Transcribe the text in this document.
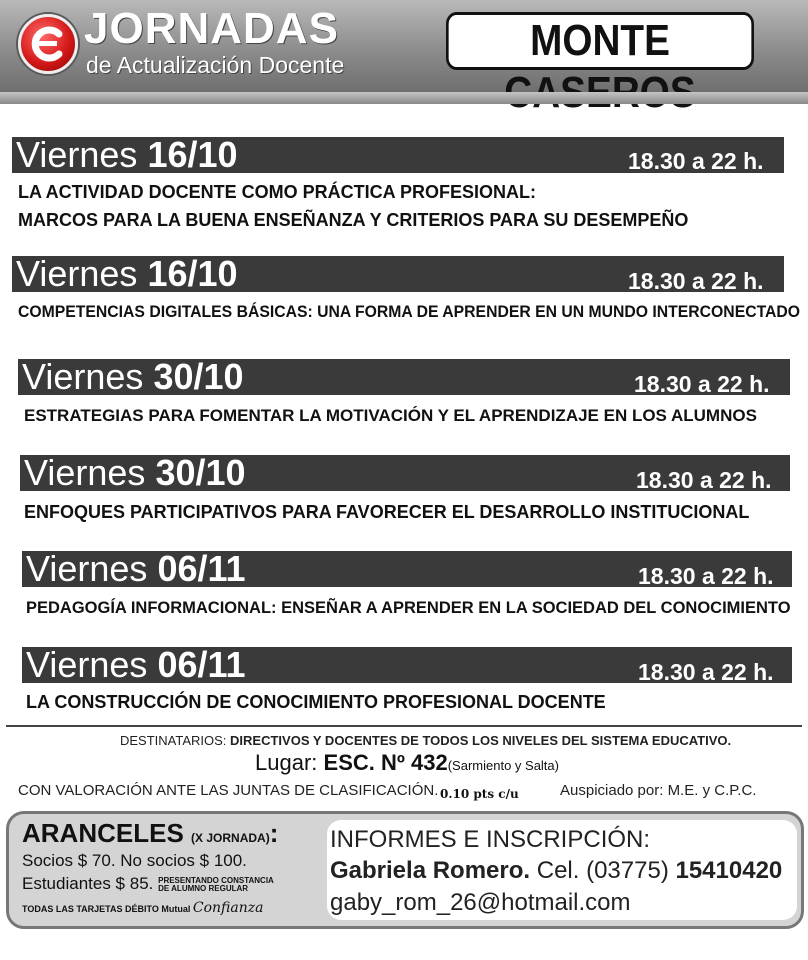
JORNADAS
de Actualización Docente	MONTE
Viernes 16/10	18.30 a 22 h.
LA ACTIVIDAD DOCENTE COMO PRÁCTICA PROFESIONAL:
MARCOS PARA LA BUENA ENSEÑANZA Y CRITERIOS PARA SU DESEMPEÑO
Viernes 16/10	18.30 a 22 h.
COMPETENCIAS DIGITALES BÁSICAS: UNA FORMA DE APRENDER EN UN MUNDO INTERCONECTADO
Viernes 30/10	18.30 a 22 h.
ESTRATEGIAS PARA FOMENTAR LA MOTIVACIÓN Y EL APRENDIZAJE EN LOS ALUMNOS
Viernes 30/10	18.30 a 22 h.
ENFOQUES PARTICIPATIVOS PARA FAVORECER EL DESARROLLO INSTITUCIONAL
Viernes 06/11	18.30 a 22 h.
PEDAGOGÍA INFORMACIONAL: ENSEÑAR A APRENDER EN LA SOCIEDAD DEL CONOCIMIENTO
Viernes 06/11	18.30 a 22 h.
LA CONSTRUCCIÓN DE CONOCIMIENTO PROFESIONAL DOCENTE
DESTINATARIOS: DIRECTIVOS Y DOCENTES DE TODOS LOS NIVELES DEL SISTEMA EDUCATIVO.
Lugar: ESC. Nº 432(Sarmiento y Salta)
CON VALORACIÓN ANTE LAS JUNTAS DE CLASIFICACIÓN. 0.10 pts c/u	Auspiciado por: M.E. y C.P.C.
ARANCELES (X JORNADA):
Socios $ 70. No socios $ 100.
Estudiantes $ 85. PRESENTANDO CONSTANCIA
DE ALUMNO REGULAR
TODAS LAS TARJETAS DÉBITO Mutual Confianza
INFORMES E INSCRIPCIÓN:
Gabriela Romero. Cel. (03775) 15410420
gaby_rom_26@hotmail.com
